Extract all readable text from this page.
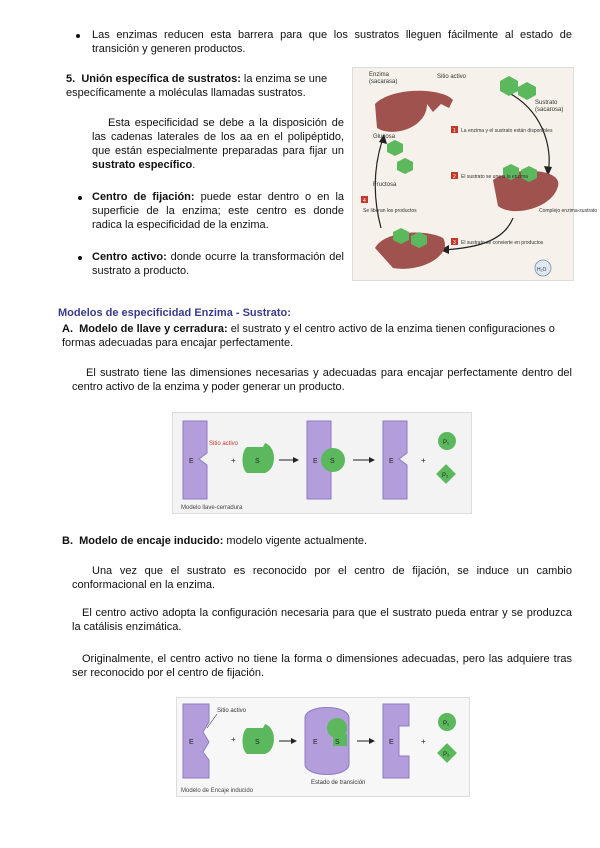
Las enzimas reducen esta barrera para que los sustratos lleguen fácilmente al estado de transición y generen productos.
5. Unión específica de sustratos: la enzima se une específicamente a moléculas llamadas sustratos.
Esta especificidad se debe a la disposición de las cadenas laterales de los aa en el polipéptido, que están especialmente preparadas para fijar un sustrato específico.
Centro de fijación: puede estar dentro o en la superficie de la enzima; este centro es donde radica la especificidad de la enzima.
Centro activo: donde ocurre la transformación del sustrato a producto.
Enzima
(sacarasa)
Sitio activo
Sustrato
(sacarosa)
Glucosa
Fructosa
Complejo enzima-sustrato
H₂O
1 La enzima y el sustrato están disponibles
2 El sustrato se une a la enzima
3 El sustrato se convierte en productos
4
Se liberan los productos
Modelos de especificidad Enzima - Sustrato:
A. Modelo de llave y cerradura: el sustrato y el centro activo de la enzima tienen configuraciones o formas adecuadas para encajar perfectamente.
El sustrato tiene las dimensiones necesarias y adecuadas para encajar perfectamente dentro del centro activo de la enzima y poder generar un producto.
E
Sitio activo
+	S	E S	E	+
P₁
P₂
Modelo llave-cerradura
B. Modelo de encaje inducido: modelo vigente actualmente.
Una vez que el sustrato es reconocido por el centro de fijación, se induce un cambio conformacional en la enzima.
El centro activo adopta la configuración necesaria para que el sustrato pueda entrar y se produzca la catálisis enzimática.
Originalmente, el centro activo no tiene la forma o dimensiones adecuadas, pero las adquiere tras ser reconocido por el centro de fijación.
E
Sitio activo
+	S	E S
Estado de transición
E	+
P₁
P₂
Modelo de Encaje inducido
